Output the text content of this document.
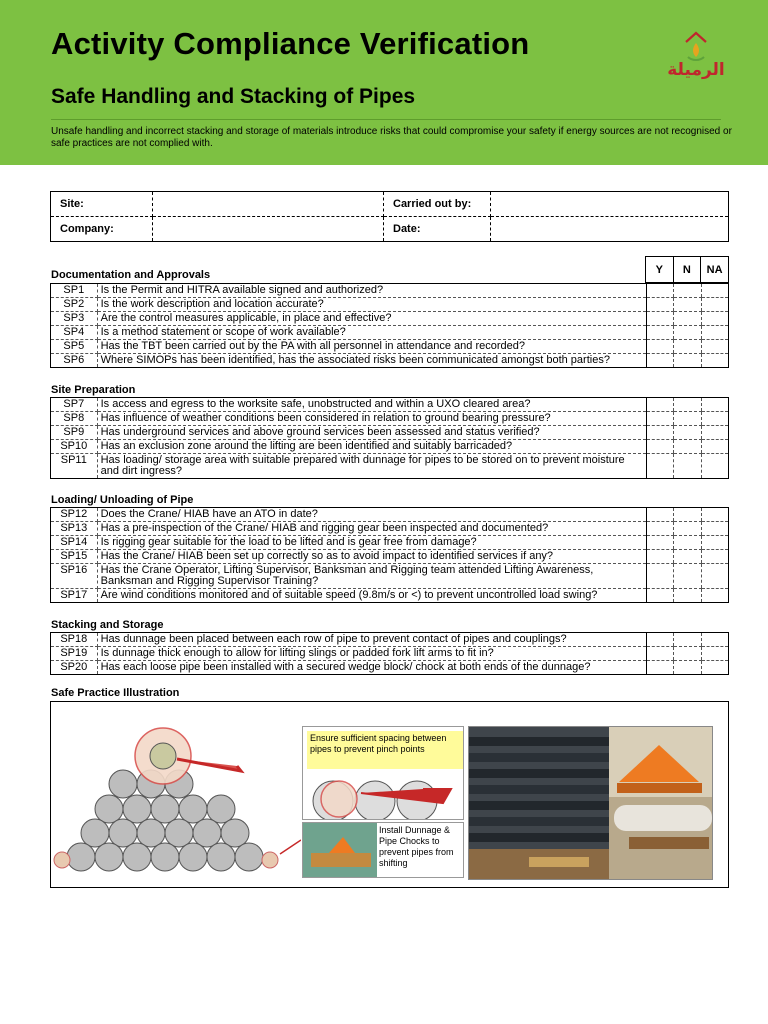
Activity Compliance Verification
Safe Handling and Stacking of Pipes
Unsafe handling and incorrect stacking and storage of materials introduce risks that could compromise your safety if energy sources are not recognised or safe practices are not complied with.
الرميلة
Site:		Carried out by:	
Company:		Date:	
Y	N	NA
Documentation and Approvals
SP1	Is the Permit and HITRA available signed and authorized?			
SP2	Is the work description and location accurate?			
SP3	Are the control measures applicable, in place and effective?			
SP4	Is a method statement or scope of work available?			
SP5	Has the TBT been carried out by the PA with all personnel in attendance and recorded?			
SP6	Where SIMOPs has been identified, has the associated risks been communicated amongst both parties?			
Site Preparation
SP7	Is access and egress to the worksite safe, unobstructed and within a UXO cleared area?			
SP8	Has influence of weather conditions been considered in relation to ground bearing pressure?			
SP9	Has underground services and above ground services been assessed and status verified?			
SP10	Has an exclusion zone around the lifting are been identified and suitably barricaded?			
SP11	Has loading/ storage area with suitable prepared with dunnage for pipes to be stored on to prevent moisture and dirt ingress?			
Loading/ Unloading of Pipe
SP12	Does the Crane/ HIAB have an ATO in date?			
SP13	Has a pre-inspection of the Crane/ HIAB and rigging gear been inspected and documented?			
SP14	Is rigging gear suitable for the load to be lifted and is gear free from damage?			
SP15	Has the Crane/ HIAB been set up correctly so as to avoid impact to identified services if any?			
SP16	Has the Crane Operator, Lifting Supervisor, Banksman and Rigging team attended Lifting Awareness, Banksman and Rigging Supervisor Training?			
SP17	Are wind conditions monitored and of suitable speed (9.8m/s or <) to prevent uncontrolled load swing?			
Stacking and Storage
SP18	Has dunnage been placed between each row of pipe to prevent contact of pipes and couplings?			
SP19	Is dunnage thick enough to allow for lifting slings or padded fork lift arms to fit in?			
SP20	Has each loose pipe been installed with a secured wedge block/ chock at both ends of the dunnage?			
Safe Practice Illustration
Ensure sufficient spacing between pipes to prevent pinch points
Install Dunnage & Pipe Chocks to prevent pipes from shifting
